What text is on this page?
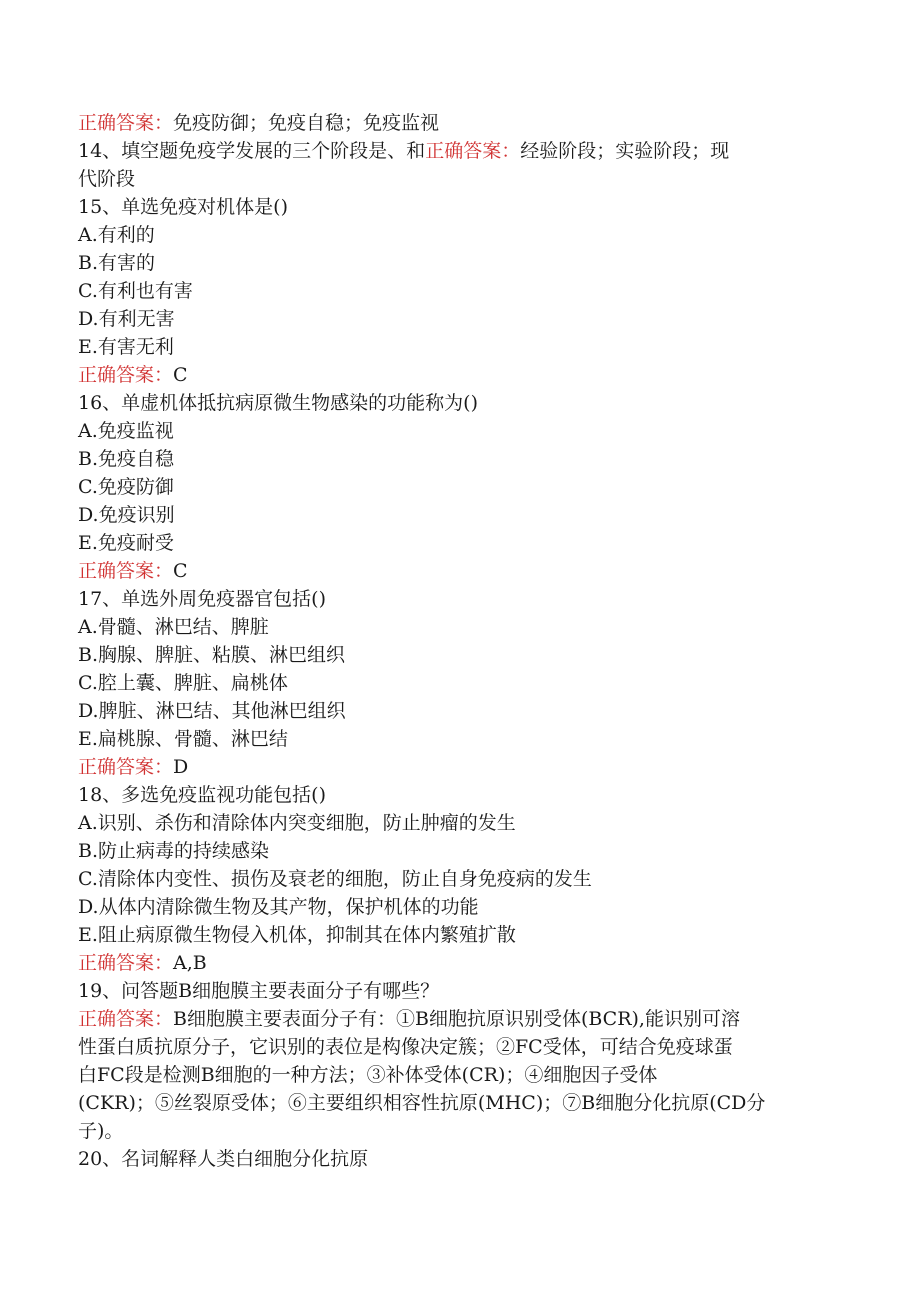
正确答案：免疫防御；免疫自稳；免疫监视
14、填空题免疫学发展的三个阶段是、和正确答案：经验阶段；实验阶段；现
代阶段
15、单选免疫对机体是()
A.有利的
B.有害的
C.有利也有害
D.有利无害
E.有害无利
正确答案：C
16、单虚机体抵抗病原微生物感染的功能称为()
A.免疫监视
B.免疫自稳
C.免疫防御
D.免疫识别
E.免疫耐受
正确答案：C
17、单选外周免疫器官包括()
A.骨髓、淋巴结、脾脏
B.胸腺、脾脏、粘膜、淋巴组织
C.腔上囊、脾脏、扁桃体
D.脾脏、淋巴结、其他淋巴组织
E.扁桃腺、骨髓、淋巴结
正确答案：D
18、多选免疫监视功能包括()
A.识别、杀伤和清除体内突变细胞，防止肿瘤的发生
B.防止病毒的持续感染
C.清除体内变性、损伤及衰老的细胞，防止自身免疫病的发生
D.从体内清除微生物及其产物，保护机体的功能
E.阻止病原微生物侵入机体，抑制其在体内繁殖扩散
正确答案：A,B
19、问答题B细胞膜主要表面分子有哪些？
正确答案：B细胞膜主要表面分子有：①B细胞抗原识别受体(BCR),能识别可溶
性蛋白质抗原分子，它识别的表位是构像决定簇；②FC受体，可结合免疫球蛋
白FC段是检测B细胞的一种方法；③补体受体(CR)；④细胞因子受体
(CKR)；⑤丝裂原受体；⑥主要组织相容性抗原(MHC)；⑦B细胞分化抗原(CD分
子)。
20、名词解释人类白细胞分化抗原
